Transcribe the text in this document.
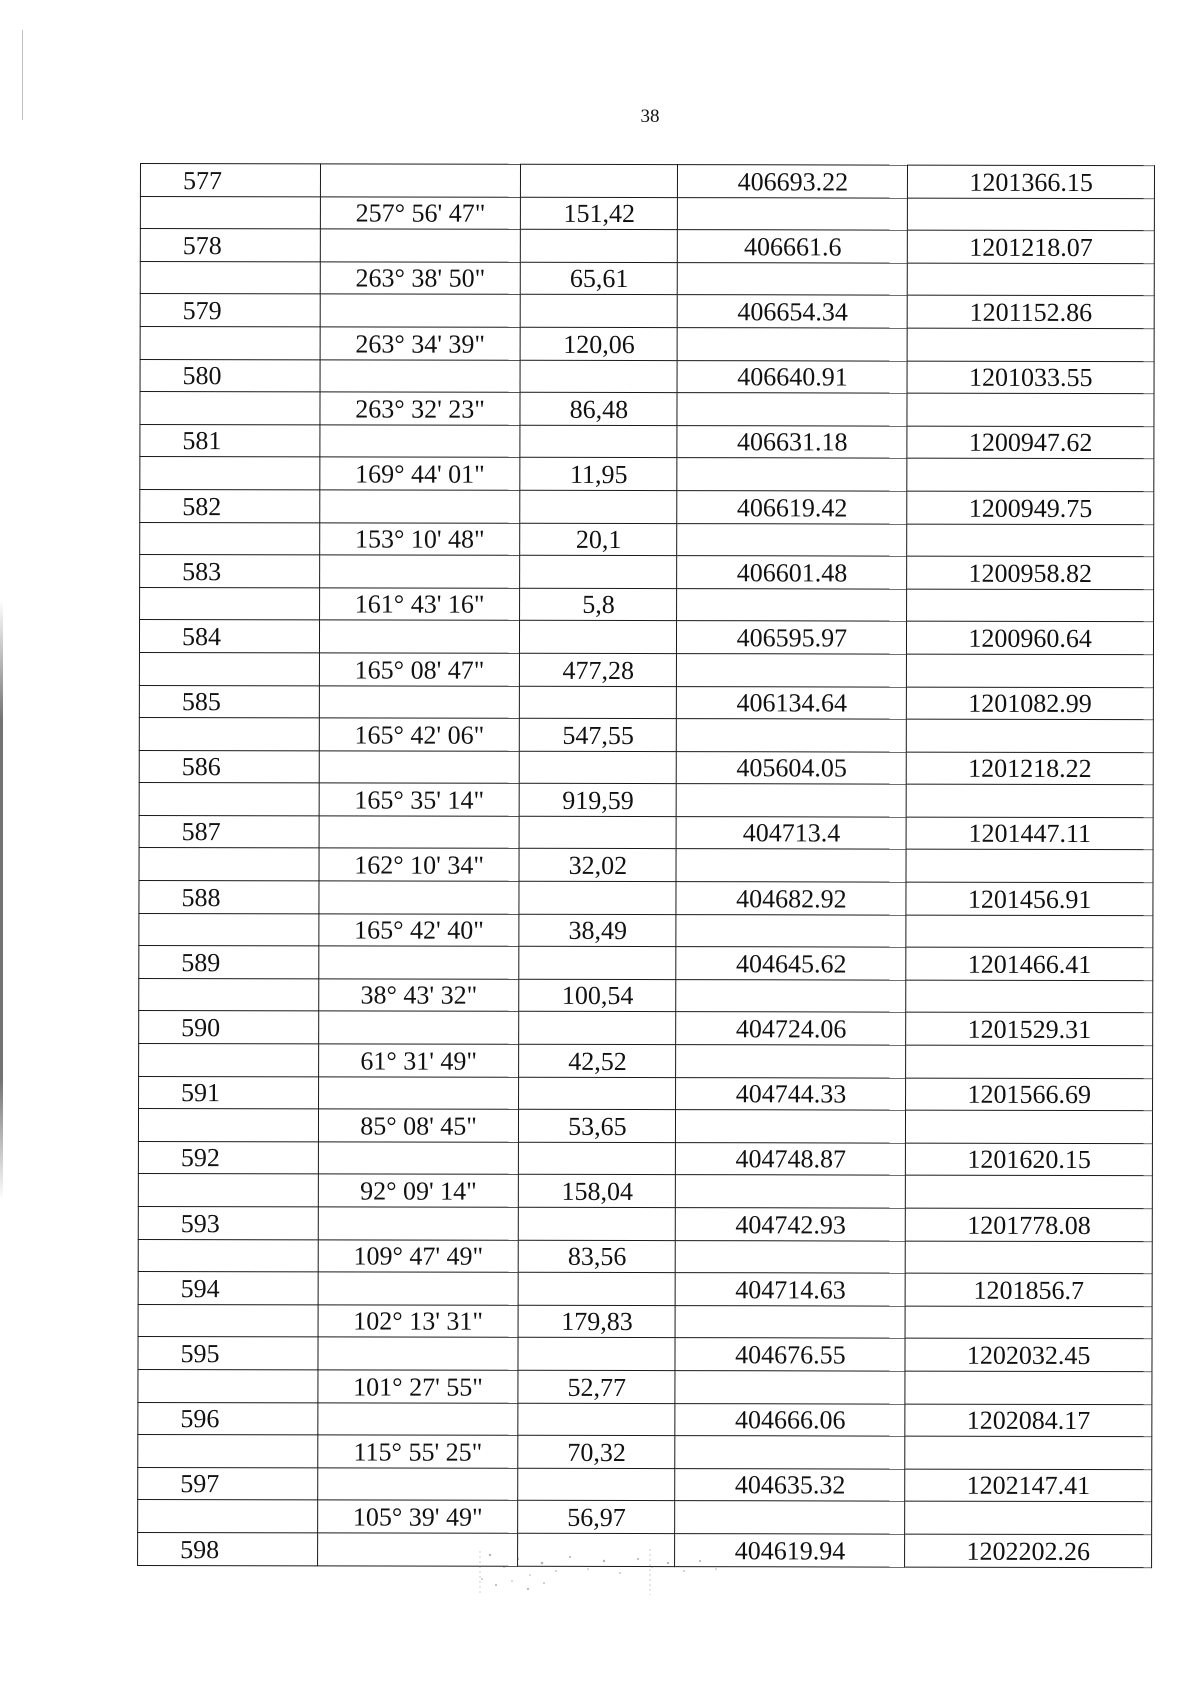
38
577			406693.22	1201366.15
	257° 56' 47"	151,42		
578			406661.6	1201218.07
	263° 38' 50"	65,61		
579			406654.34	1201152.86
	263° 34' 39"	120,06		
580			406640.91	1201033.55
	263° 32' 23"	86,48		
581			406631.18	1200947.62
	169° 44' 01"	11,95		
582			406619.42	1200949.75
	153° 10' 48"	20,1		
583			406601.48	1200958.82
	161° 43' 16"	5,8		
584			406595.97	1200960.64
	165° 08' 47"	477,28		
585			406134.64	1201082.99
	165° 42' 06"	547,55		
586			405604.05	1201218.22
	165° 35' 14"	919,59		
587			404713.4	1201447.11
	162° 10' 34"	32,02		
588			404682.92	1201456.91
	165° 42' 40"	38,49		
589			404645.62	1201466.41
	38° 43' 32"	100,54		
590			404724.06	1201529.31
	61° 31' 49"	42,52		
591			404744.33	1201566.69
	85° 08' 45"	53,65		
592			404748.87	1201620.15
	92° 09' 14"	158,04		
593			404742.93	1201778.08
	109° 47' 49"	83,56		
594			404714.63	1201856.7
	102° 13' 31"	179,83		
595			404676.55	1202032.45
	101° 27' 55"	52,77		
596			404666.06	1202084.17
	115° 55' 25"	70,32		
597			404635.32	1202147.41
	105° 39' 49"	56,97		
598			404619.94	1202202.26
